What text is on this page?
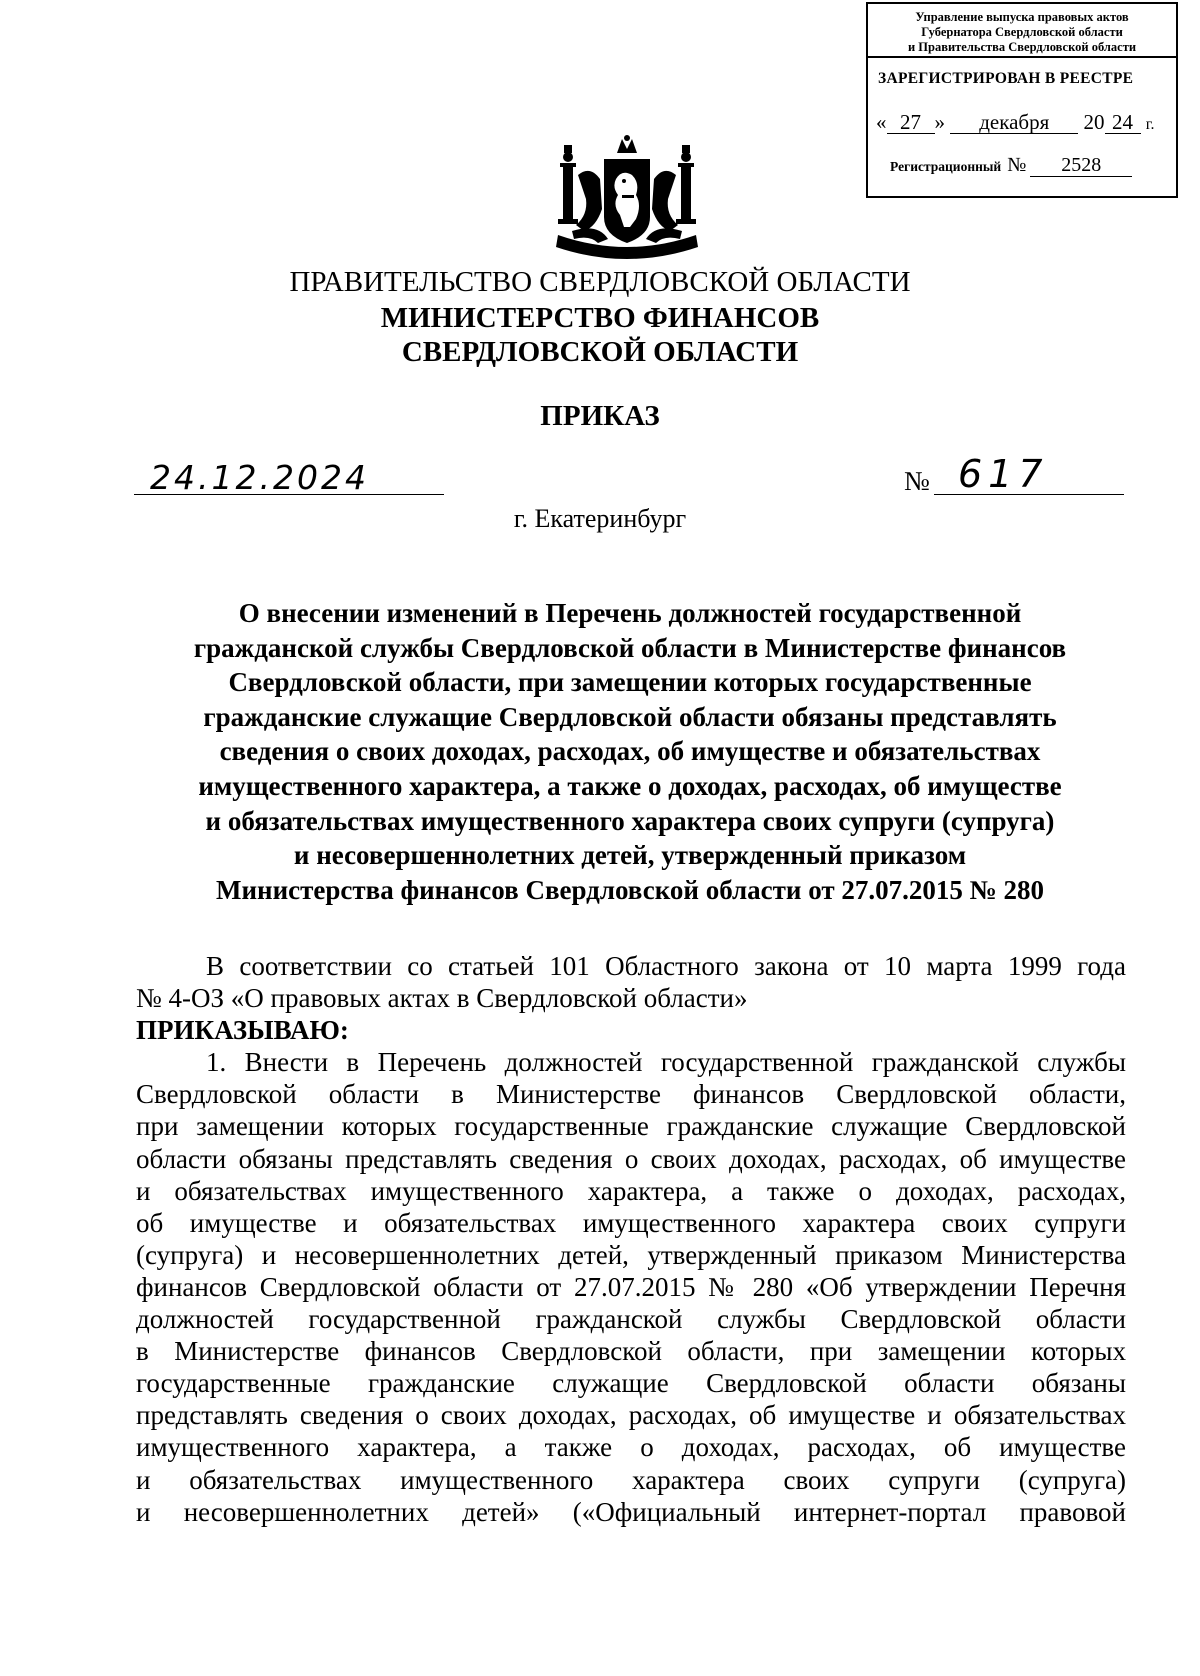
Управление выпуска правовых актов
Губернатора Свердловской области
и Правительства Свердловской области
ЗАРЕГИСТРИРОВАН В РЕЕСТРЕ
« 27 » декабря 20 24 г.
Регистрационный № 2528
ПРАВИТЕЛЬСТВО СВЕРДЛОВСКОЙ ОБЛАСТИ
МИНИСТЕРСТВО ФИНАНСОВ
СВЕРДЛОВСКОЙ ОБЛАСТИ
ПРИКАЗ
24.12.2024	№ 617
г. Екатеринбург
О внесении изменений в Перечень должностей государственной
гражданской службы Свердловской области в Министерстве финансов
Свердловской области, при замещении которых государственные
гражданские служащие Свердловской области обязаны представлять
сведения о своих доходах, расходах, об имуществе и обязательствах
имущественного характера, а также о доходах, расходах, об имуществе
и обязательствах имущественного характера своих супруги (супруга)
и несовершеннолетних детей, утвержденный приказом
Министерства финансов Свердловской области от 27.07.2015 № 280
В соответствии со статьей 101 Областного закона от 10 марта 1999 года
№ 4-ОЗ «О правовых актах в Свердловской области»
ПРИКАЗЫВАЮ:
1. Внести в Перечень должностей государственной гражданской службы
Свердловской области в Министерстве финансов Свердловской области,
при замещении которых государственные гражданские служащие Свердловской
области обязаны представлять сведения о своих доходах, расходах, об имуществе
и обязательствах имущественного характера, а также о доходах, расходах,
об имуществе и обязательствах имущественного характера своих супруги
(супруга) и несовершеннолетних детей, утвержденный приказом Министерства
финансов Свердловской области от 27.07.2015 № 280 «Об утверждении Перечня
должностей государственной гражданской службы Свердловской области
в Министерстве финансов Свердловской области, при замещении которых
государственные гражданские служащие Свердловской области обязаны
представлять сведения о своих доходах, расходах, об имуществе и обязательствах
имущественного характера, а также о доходах, расходах, об имуществе
и обязательствах имущественного характера своих супруги (супруга)
и несовершеннолетних детей» («Официальный интернет-портал правовой
